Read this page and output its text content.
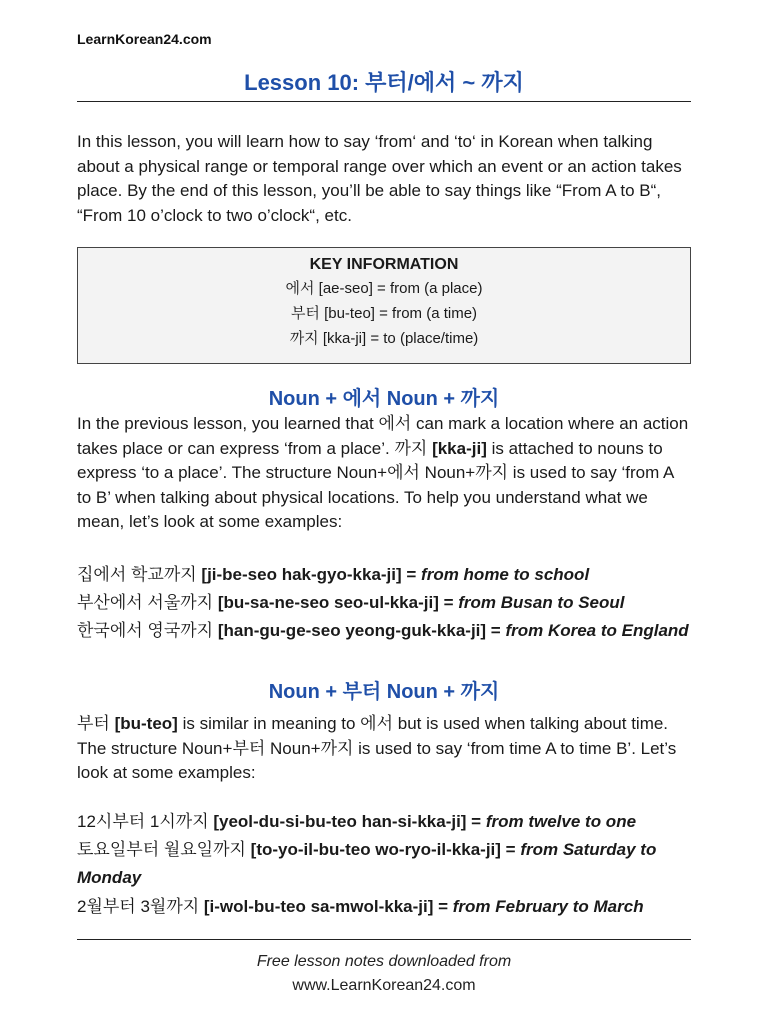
LearnKorean24.com
Lesson 10: 부터/에서 ~ 까지

In this lesson, you will learn how to say ‘from‘ and ‘to‘ in Korean when talking about a physical range or temporal range over which an event or an action takes place. By the end of this lesson, you’ll be able to say things like “From A to B“, “From 10 o’clock to two o’clock“, etc.

KEY INFORMATION
에서 [ae-seo] = from (a place)
부터 [bu-teo] = from (a time)
까지 [kka-ji] = to (place/time)
Noun + 에서 Noun + 까지

In the previous lesson, you learned that 에서 can mark a location where an action takes place or can express ‘from a place’. 까지 [kka-ji] is attached to nouns to express ‘to a place’. The structure Noun+에서 Noun+까지 is used to say ‘from A to B’ when talking about physical locations. To help you understand what we mean, let’s look at some examples:

집에서 학교까지 [ji-be-seo hak-gyo-kka-ji] = from home to school
부산에서 서울까지 [bu-sa-ne-seo seo-ul-kka-ji] = from Busan to Seoul
한국에서 영국까지 [han-gu-ge-seo yeong-guk-kka-ji] = from Korea to England
Noun + 부터 Noun + 까지

부터 [bu-teo] is similar in meaning to 에서 but is used when talking about time. The structure Noun+부터 Noun+까지 is used to say ‘from time A to time B’. Let’s look at some examples:

12시부터 1시까지 [yeol-du-si-bu-teo han-si-kka-ji] = from twelve to one
토요일부터 월요일까지 [to-yo-il-bu-teo wo-ryo-il-kka-ji] = from Saturday to
Monday
2월부터 3월까지 [i-wol-bu-teo sa-mwol-kka-ji] = from February to March
Free lesson notes downloaded from
www.LearnKorean24.com
